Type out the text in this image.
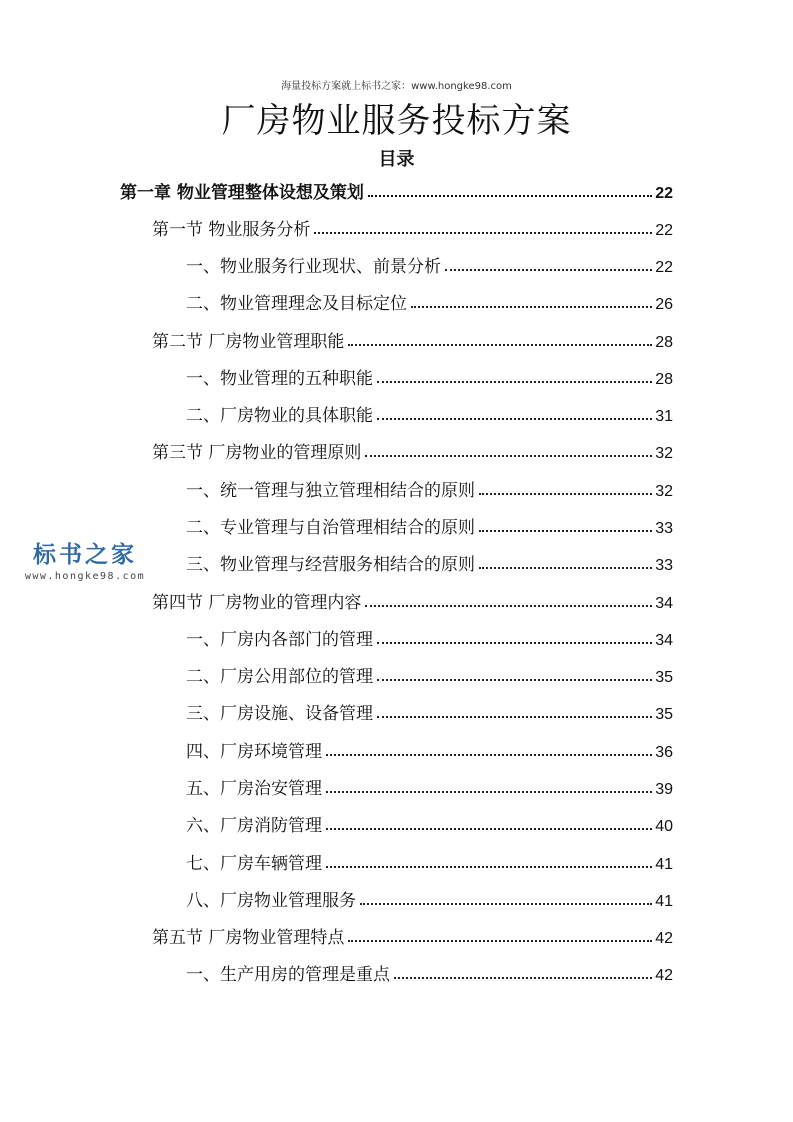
海量投标方案就上标书之家：www.hongke98.com
厂房物业服务投标方案
目录
第一章 物业管理整体设想及策划	22
第一节 物业服务分析	22
一、物业服务行业现状、前景分析	22
二、物业管理理念及目标定位	26
第二节 厂房物业管理职能	28
一、物业管理的五种职能	28
二、厂房物业的具体职能	31
第三节 厂房物业的管理原则	32
一、统一管理与独立管理相结合的原则	32
二、专业管理与自治管理相结合的原则	33
三、物业管理与经营服务相结合的原则	33
第四节 厂房物业的管理内容	34
一、厂房内各部门的管理	34
二、厂房公用部位的管理	35
三、厂房设施、设备管理	35
四、厂房环境管理	36
五、厂房治安管理	39
六、厂房消防管理	40
七、厂房车辆管理	41
八、厂房物业管理服务	41
第五节 厂房物业管理特点	42
一、生产用房的管理是重点	42
标书之家
www.hongke98.com
